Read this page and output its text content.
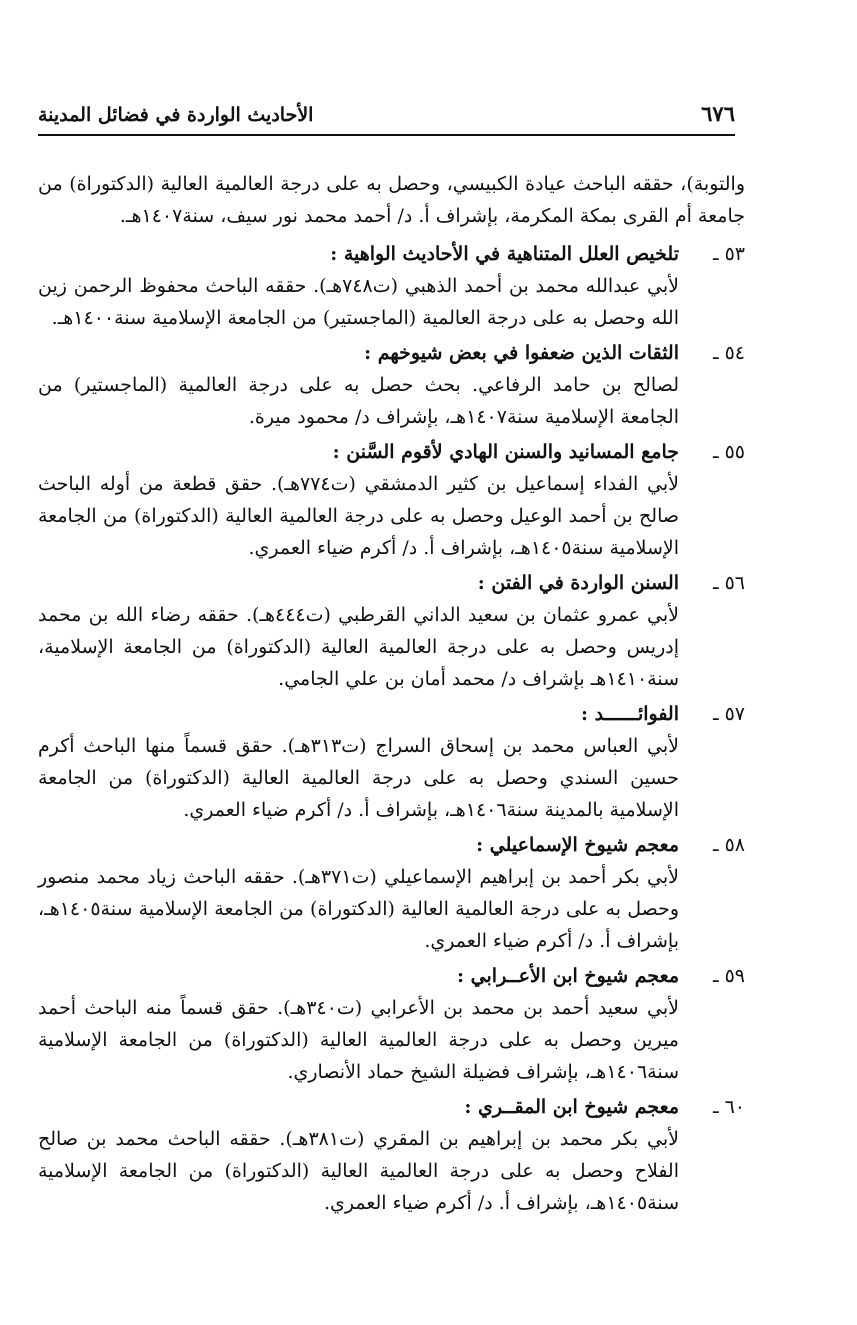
٦٧٦
الأحاديث الواردة في فضائل المدينة

والتوبة)، حققه الباحث عيادة الكبيسي، وحصل به على درجة العالمية العالية (الدكتوراة) من جامعة أم القرى بمكة المكرمة، بإشراف أ. د/ أحمد محمد نور سيف، سنة١٤٠٧هـ.

٥٣ ـ
تلخيص العلل المتناهية في الأحاديث الواهية :

لأبي عبدالله محمد بن أحمد الذهبي (ت٧٤٨هـ). حققه الباحث محفوظ الرحمن زين الله وحصل به على درجة العالمية (الماجستير) من الجامعة الإسلامية سنة١٤٠٠هـ.

٥٤ ـ
الثقات الذين ضعفوا في بعض شيوخهم :

لصالح بن حامد الرفاعي. بحث حصل به على درجة العالمية (الماجستير) من الجامعة الإسلامية سنة١٤٠٧هـ، بإشراف د/ محمود ميرة.

٥٥ ـ
جامع المسانيد والسنن الهادي لأقوم السَّنن :

لأبي الفداء إسماعيل بن كثير الدمشقي (ت٧٧٤هـ). حقق قطعة من أوله الباحث صالح بن أحمد الوعيل وحصل به على درجة العالمية العالية (الدكتوراة) من الجامعة الإسلامية سنة١٤٠٥هـ، بإشراف أ. د/ أكرم ضياء العمري.

٥٦ ـ
السنن الواردة في الفتن :

لأبي عمرو عثمان بن سعيد الداني القرطبي (ت٤٤٤هـ). حققه رضاء الله بن محمد إدريس وحصل به على درجة العالمية العالية (الدكتوراة) من الجامعة الإسلامية، سنة١٤١٠هـ بإشراف د/ محمد أمان بن علي الجامي.

٥٧ ـ
الفوائــــــد :

لأبي العباس محمد بن إسحاق السراج (ت٣١٣هـ). حقق قسماً منها الباحث أكرم حسين السندي وحصل به على درجة العالمية العالية (الدكتوراة) من الجامعة الإسلامية بالمدينة سنة١٤٠٦هـ، بإشراف أ. د/ أكرم ضياء العمري.

٥٨ ـ
معجم شيوخ الإسماعيلي :

لأبي بكر أحمد بن إبراهيم الإسماعيلي (ت٣٧١هـ). حققه الباحث زياد محمد منصور وحصل به على درجة العالمية العالية (الدكتوراة) من الجامعة الإسلامية سنة١٤٠٥هـ، بإشراف أ. د/ أكرم ضياء العمري.

٥٩ ـ
معجم شيوخ ابن الأعــرابي :

لأبي سعيد أحمد بن محمد بن الأعرابي (ت٣٤٠هـ). حقق قسماً منه الباحث أحمد ميرين وحصل به على درجة العالمية العالية (الدكتوراة) من الجامعة الإسلامية سنة١٤٠٦هـ، بإشراف فضيلة الشيخ حماد الأنصاري.

٦٠ ـ
معجم شيوخ ابن المقــري :

لأبي بكر محمد بن إبراهيم بن المقري (ت٣٨١هـ). حققه الباحث محمد بن صالح الفلاح وحصل به على درجة العالمية العالية (الدكتوراة) من الجامعة الإسلامية سنة١٤٠٥هـ، بإشراف أ. د/ أكرم ضياء العمري.
